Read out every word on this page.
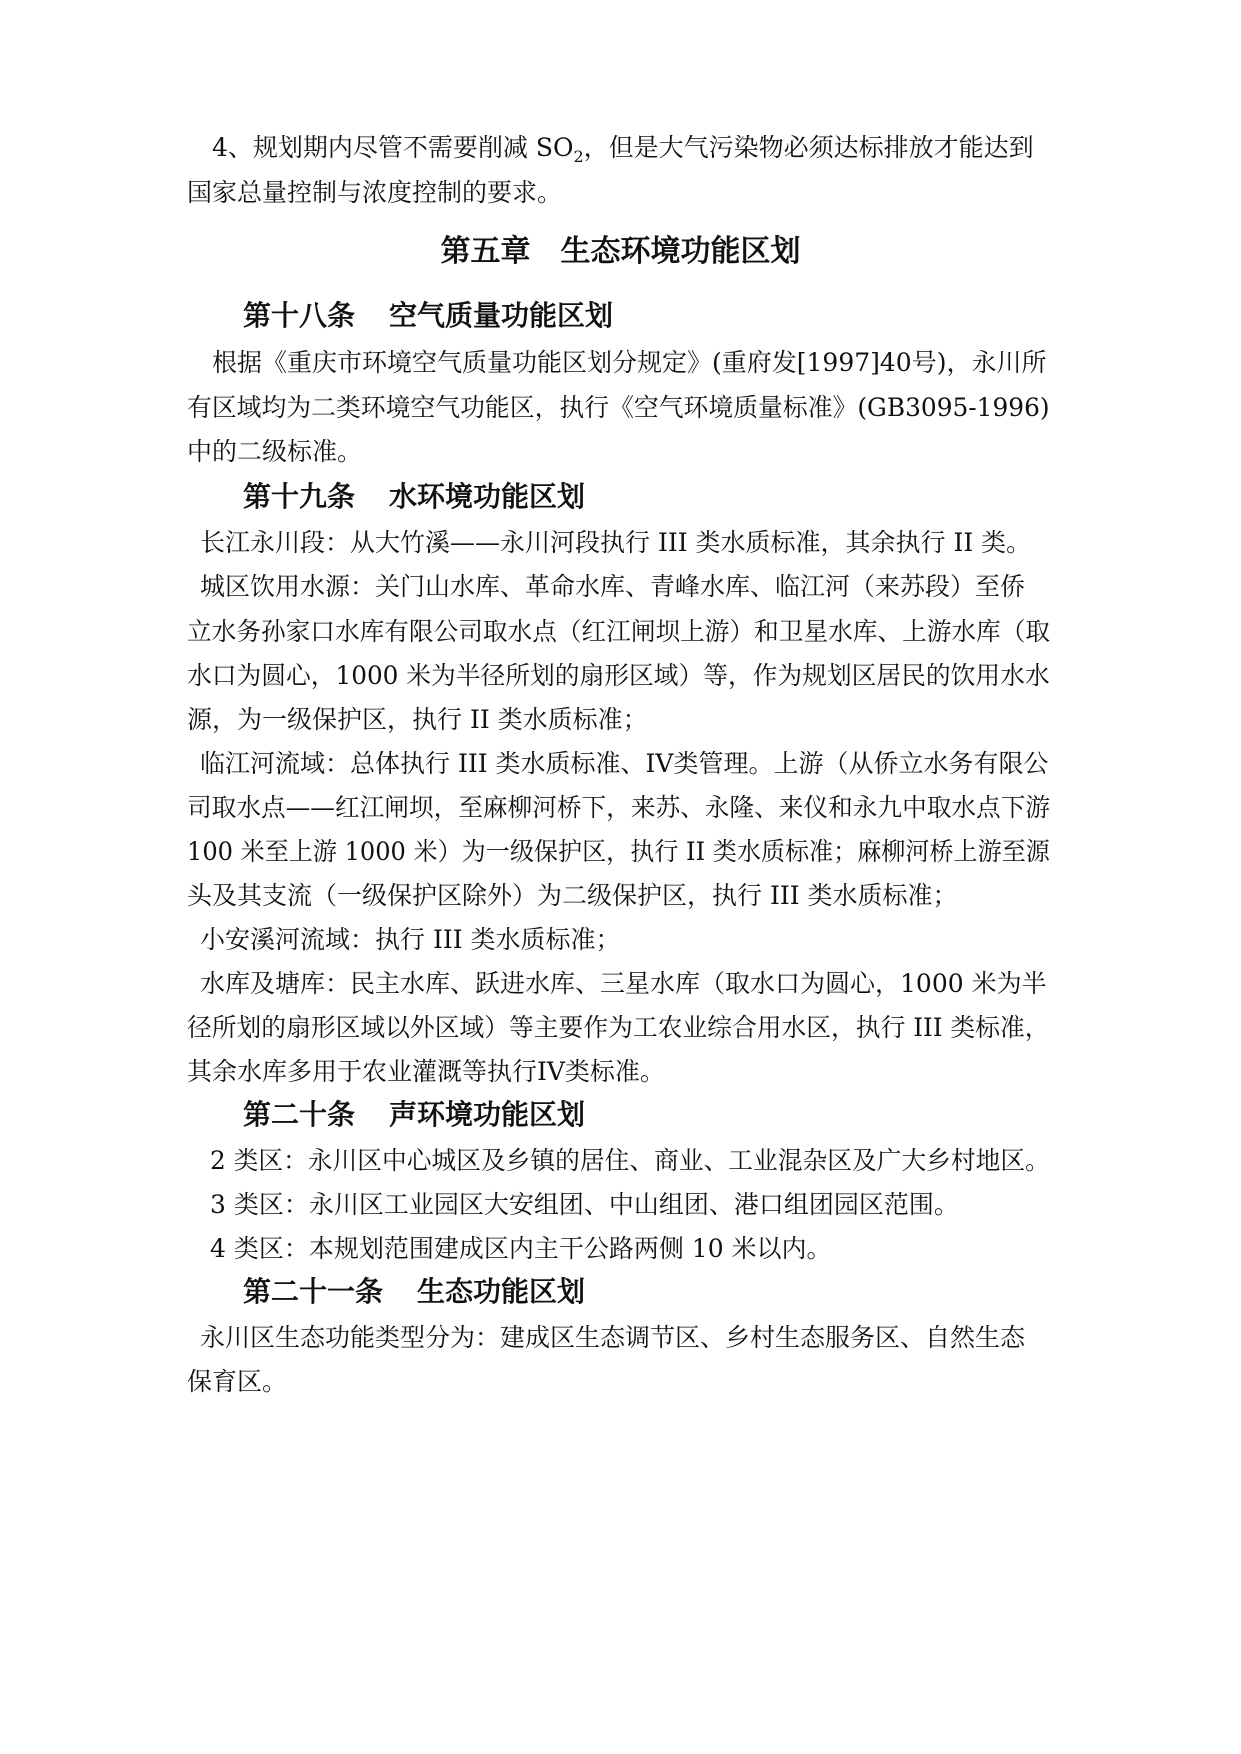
4、规划期内尽管不需要削减 $SO_2$，但是大气污染物必须达标排放才能达到

国家总量控制与浓度控制的要求。

第五章　生态环境功能区划
第十八条 空气质量功能区划

根据《重庆市环境空气质量功能区划分规定》(重府发[1997]40号)，永川所

有区域均为二类环境空气功能区，执行《空气环境质量标准》(GB3095-1996)

中的二级标准。

第十九条 水环境功能区划

长江永川段：从大竹溪——永川河段执行 III 类水质标准，其余执行 II 类。

城区饮用水源：关门山水库、革命水库、青峰水库、临江河（来苏段）至侨

立水务孙家口水库有限公司取水点（红江闸坝上游）和卫星水库、上游水库（取

水口为圆心，1000 米为半径所划的扇形区域）等，作为规划区居民的饮用水水

源，为一级保护区，执行 II 类水质标准；

临江河流域：总体执行 III 类水质标准、IV类管理。上游（从侨立水务有限公

司取水点——红江闸坝，至麻柳河桥下，来苏、永隆、来仪和永九中取水点下游

100 米至上游 1000 米）为一级保护区，执行 II 类水质标准；麻柳河桥上游至源

头及其支流（一级保护区除外）为二级保护区，执行 III 类水质标准；

小安溪河流域：执行 III 类水质标准；

水库及塘库：民主水库、跃进水库、三星水库（取水口为圆心，1000 米为半

径所划的扇形区域以外区域）等主要作为工农业综合用水区，执行 III 类标准，

其余水库多用于农业灌溉等执行IV类标准。

第二十条 声环境功能区划

2 类区：永川区中心城区及乡镇的居住、商业、工业混杂区及广大乡村地区。

3 类区：永川区工业园区大安组团、中山组团、港口组团园区范围。

4 类区：本规划范围建成区内主干公路两侧 10 米以内。

第二十一条 生态功能区划

永川区生态功能类型分为：建成区生态调节区、乡村生态服务区、自然生态

保育区。
